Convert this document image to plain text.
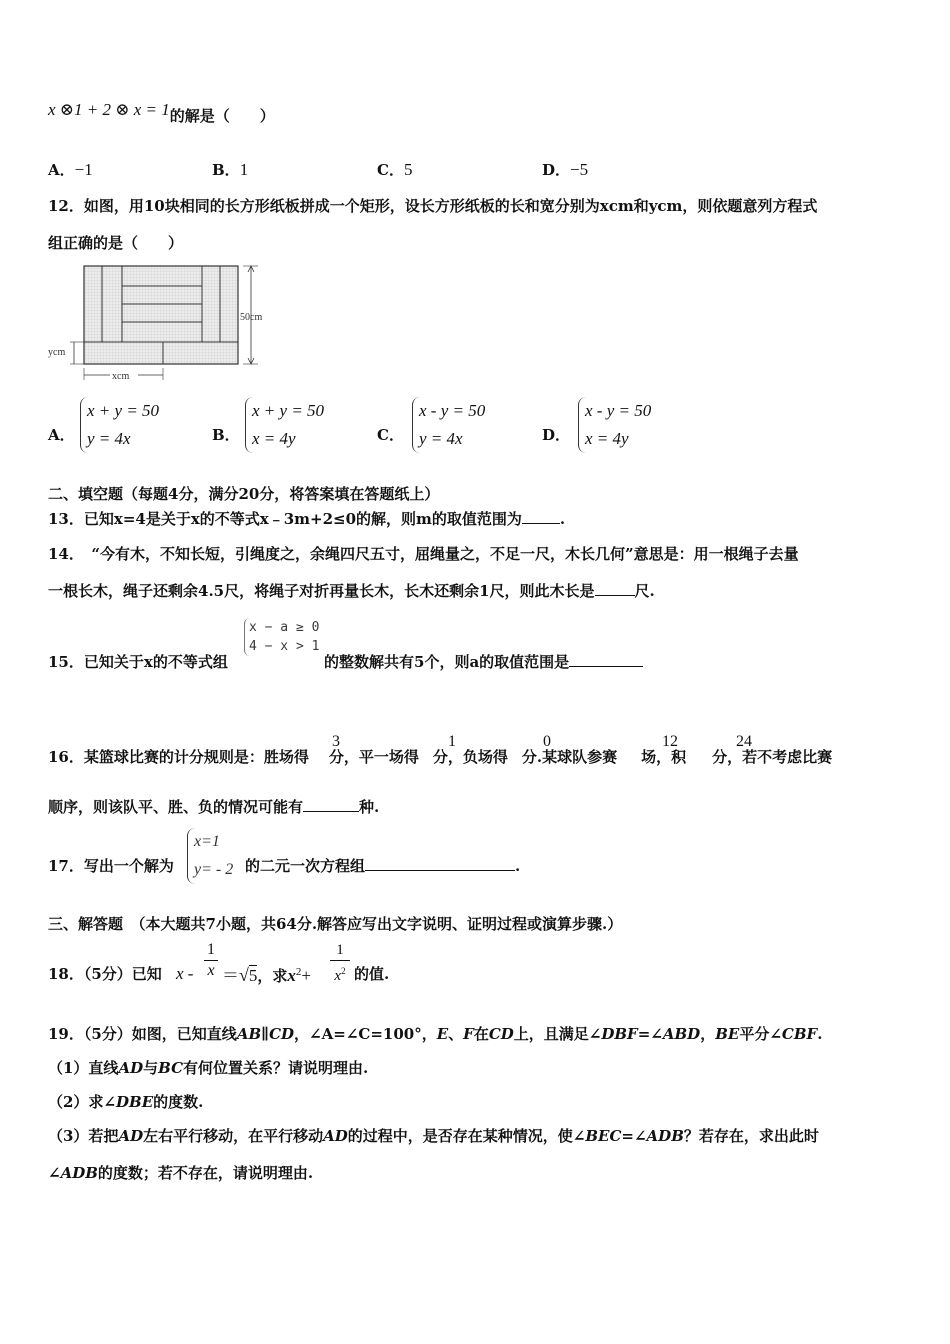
x ⊗1 + 2 ⊗ x = 1的解是（　　）
A．−1	B．1	C．5	D．−5
12．如图，用10块相同的长方形纸板拼成一个矩形，设长方形纸板的长和宽分别为xcm和ycm，则依题意列方程式
组正确的是（　　）
50cm
ycm
xcm
A．
x + y = 50
y = 4x	B．
x + y = 50
x = 4y	C．
x - y = 50
y = 4x	D．
x - y = 50
x = 4y
二、填空题（每题4分，满分20分，将答案填在答题纸上）
13．已知x=4是关于x的不等式x﹣3m+2≤0的解，则m的取值范围为	.
14．　“今有木，不知长短，引绳度之，余绳四尺五寸，屈绳量之，不足一尺，木长几何”意思是：用一根绳子去量
一根长木，绳子还剩余4.5尺，将绳子对折再量长木，长木还剩余1尺，则此木长是	尺.
15．已知关于x的不等式组
x − a ≥ 0
4 − x > 1
的整数解共有5个，则a的取值范围是
16．某篮球比赛的计分规则是：胜场得 分，平一场得 分，负场得 分.某球队参赛 场，积 分，若不考虑比赛
3	1	0	12	24
顺序，则该队平、胜、负的情况可能有	种.
17．写出一个解为
x=1
y= - 2 的二元一次方程组	.
三、解答题　（本大题共7小题，共64分.解答应写出文字说明、证明过程或演算步骤.）
18．（5分）已知 x -
1
x ＝√5，求$x^2+$
1
$x^2$ 的值.
19．（5分）如图，已知直线AB∥CD，∠A=∠C=100°，E、F在CD上，且满足∠DBF=∠ABD，BE平分∠CBF.
（1）直线AD与BC有何位置关系？请说明理由.
（2）求∠DBE的度数.
（3）若把AD左右平行移动，在平行移动AD的过程中，是否存在某种情况，使∠BEC=∠ADB？若存在，求出此时
∠ADB的度数；若不存在，请说明理由.
